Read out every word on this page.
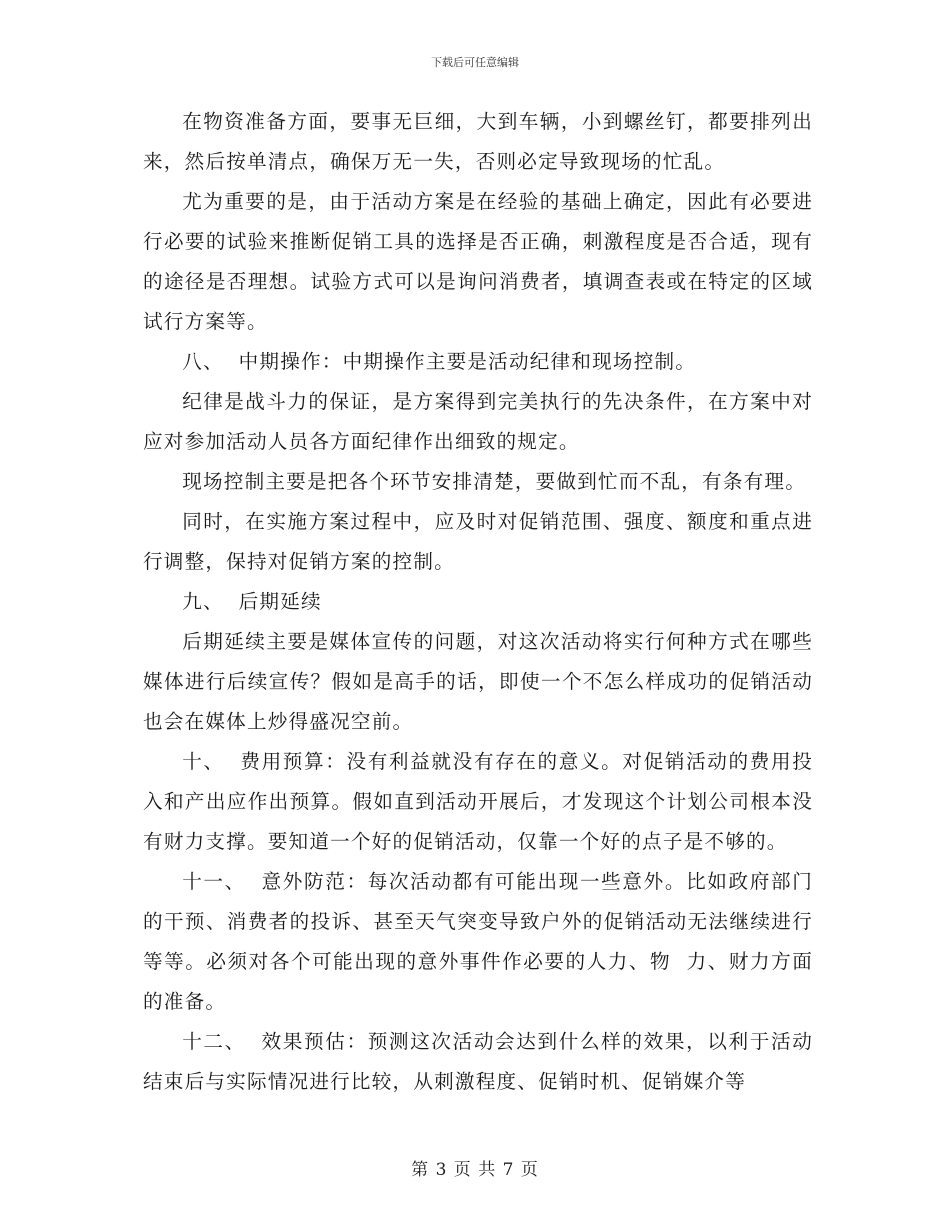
下载后可任意编辑

在物资准备方面，要事无巨细，大到车辆，小到螺丝钉，都要排列出来，然后按单清点，确保万无一失，否则必定导致现场的忙乱。

尤为重要的是，由于活动方案是在经验的基础上确定，因此有必要进行必要的试验来推断促销工具的选择是否正确，刺激程度是否合适，现有的途径是否理想。试验方式可以是询问消费者，填调查表或在特定的区域试行方案等。

八、  中期操作：中期操作主要是活动纪律和现场控制。

纪律是战斗力的保证，是方案得到完美执行的先决条件，在方案中对应对参加活动人员各方面纪律作出细致的规定。

现场控制主要是把各个环节安排清楚，要做到忙而不乱，有条有理。

同时，在实施方案过程中，应及时对促销范围、强度、额度和重点进行调整，保持对促销方案的控制。

九、  后期延续

后期延续主要是媒体宣传的问题，对这次活动将实行何种方式在哪些媒体进行后续宣传？假如是高手的话，即使一个不怎么样成功的促销活动也会在媒体上炒得盛况空前。

十、  费用预算：没有利益就没有存在的意义。对促销活动的费用投入和产出应作出预算。假如直到活动开展后，才发现这个计划公司根本没有财力支撑。要知道一个好的促销活动，仅靠一个好的点子是不够的。

十一、  意外防范：每次活动都有可能出现一些意外。比如政府部门的干预、消费者的投诉、甚至天气突变导致户外的促销活动无法继续进行等等。必须对各个可能出现的意外事件作必要的人力、物  力、财力方面的准备。

十二、  效果预估：预测这次活动会达到什么样的效果，以利于活动结束后与实际情况进行比较，从刺激程度、促销时机、促销媒介等

第 3 页 共 7 页
